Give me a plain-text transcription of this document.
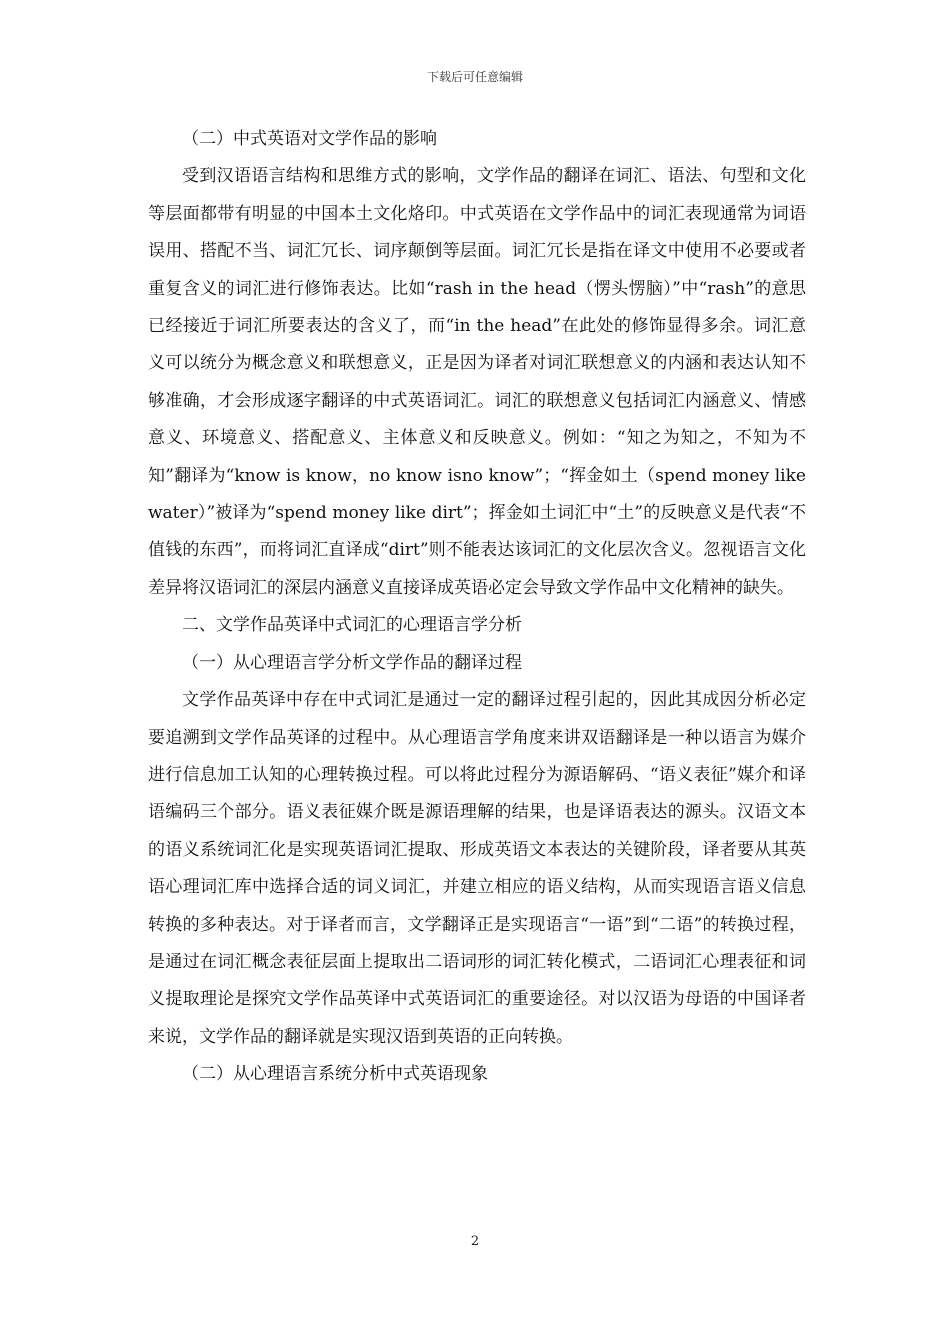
下载后可任意编辑

（二）中式英语对文学作品的影响

受到汉语语言结构和思维方式的影响，文学作品的翻译在词汇、语法、句型和文化等层面都带有明显的中国本土文化烙印。中式英语在文学作品中的词汇表现通常为词语误用、搭配不当、词汇冗长、词序颠倒等层面。词汇冗长是指在译文中使用不必要或者重复含义的词汇进行修饰表达。比如“rash in the head（愣头愣脑）”中“rash”的意思已经接近于词汇所要表达的含义了，而“in the head”在此处的修饰显得多余。词汇意义可以统分为概念意义和联想意义，正是因为译者对词汇联想意义的内涵和表达认知不够准确，才会形成逐字翻译的中式英语词汇。词汇的联想意义包括词汇内涵意义、情感意义、环境意义、搭配意义、主体意义和反映意义。例如：“知之为知之，不知为不知”翻译为“know is know，no know isno know”；“挥金如土（spend money likewater）”被译为“spend money like dirt”；挥金如土词汇中“土”的反映意义是代表“不值钱的东西”，而将词汇直译成“dirt”则不能表达该词汇的文化层次含义。忽视语言文化差异将汉语词汇的深层内涵意义直接译成英语必定会导致文学作品中文化精神的缺失。

二、文学作品英译中式词汇的心理语言学分析

（一）从心理语言学分析文学作品的翻译过程

文学作品英译中存在中式词汇是通过一定的翻译过程引起的，因此其成因分析必定要追溯到文学作品英译的过程中。从心理语言学角度来讲双语翻译是一种以语言为媒介进行信息加工认知的心理转换过程。可以将此过程分为源语解码、“语义表征”媒介和译语编码三个部分。语义表征媒介既是源语理解的结果，也是译语表达的源头。汉语文本的语义系统词汇化是实现英语词汇提取、形成英语文本表达的关键阶段，译者要从其英语心理词汇库中选择合适的词义词汇，并建立相应的语义结构，从而实现语言语义信息转换的多种表达。对于译者而言，文学翻译正是实现语言“一语”到“二语”的转换过程，是通过在词汇概念表征层面上提取出二语词形的词汇转化模式，二语词汇心理表征和词义提取理论是探究文学作品英译中式英语词汇的重要途径。对以汉语为母语的中国译者来说，文学作品的翻译就是实现汉语到英语的正向转换。

（二）从心理语言系统分析中式英语现象

2
